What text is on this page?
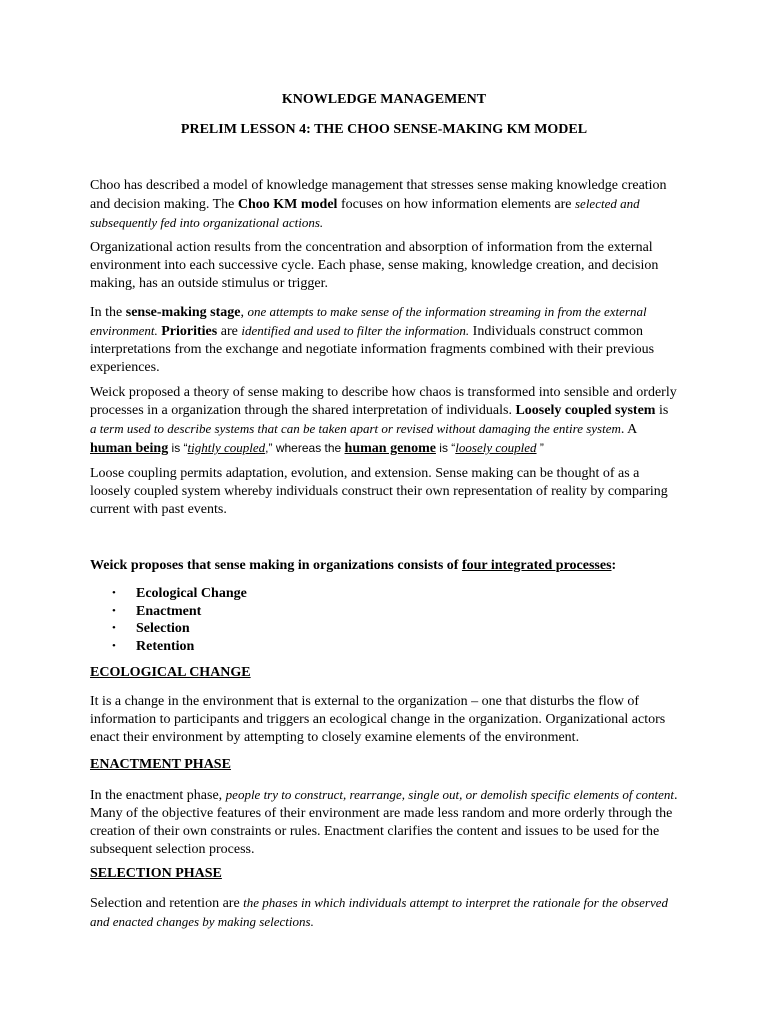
KNOWLEDGE MANAGEMENT

PRELIM LESSON 4: THE CHOO SENSE-MAKING KM MODEL

Choo has described a model of knowledge management that stresses sense making knowledge creation and decision making. The Choo KM model focuses on how information elements are selected and subsequently fed into organizational actions.

Organizational action results from the concentration and absorption of information from the external environment into each successive cycle. Each phase, sense making, knowledge creation, and decision making, has an outside stimulus or trigger.

In the sense-making stage, one attempts to make sense of the information streaming in from the external environment. Priorities are identified and used to filter the information. Individuals construct common interpretations from the exchange and negotiate information fragments combined with their previous experiences.

Weick proposed a theory of sense making to describe how chaos is transformed into sensible and orderly processes in a organization through the shared interpretation of individuals. Loosely coupled system is a term used to describe systems that can be taken apart or revised without damaging the entire system. A human being is “tightly coupled,” whereas the human genome is “loosely coupled ”

Loose coupling permits adaptation, evolution, and extension. Sense making can be thought of as a loosely coupled system whereby individuals construct their own representation of reality by comparing current with past events.

Weick proposes that sense making in organizations consists of four integrated processes:

• Ecological Change
• Enactment
• Selection
• Retention

ECOLOGICAL CHANGE

It is a change in the environment that is external to the organization – one that disturbs the flow of information to participants and triggers an ecological change in the organization. Organizational actors enact their environment by attempting to closely examine elements of the environment.

ENACTMENT PHASE

In the enactment phase, people try to construct, rearrange, single out, or demolish specific elements of content. Many of the objective features of their environment are made less random and more orderly through the creation of their own constraints or rules. Enactment clarifies the content and issues to be used for the subsequent selection process.

SELECTION PHASE

Selection and retention are the phases in which individuals attempt to interpret the rationale for the observed and enacted changes by making selections.
